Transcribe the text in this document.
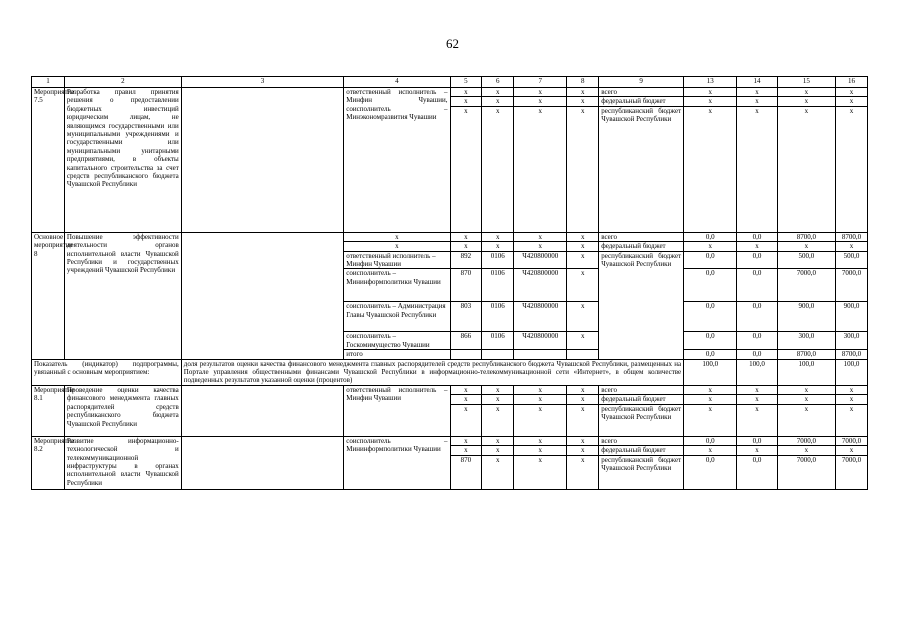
62
1	2	3	4	5	6	7	8	9	13	14	15	16
Мероприятие 7.5	Разработка правил принятия решения о предоставлении бюджетных инвестиций юридическим лицам, не являющимся государственными или муниципальными учреждениями и государственными или муниципальными унитарными предприятиями, в объекты капитального строительства за счет средств республиканского бюджета Чувашской Республики		ответственный исполнитель – Минфин Чувашии, соисполнитель – Минэкономразвития Чувашии	x	x	x	x	всего	x	x	x	x
				x	x	x	x	федеральный бюджет	x	x	x	x
				x	x	x	x	республиканский бюджет Чувашской Республики	x	x	x	x
Основное мероприятие 8	Повышение эффективности деятельности органов исполнительной власти Чувашской Республики и государственных учреждений Чувашской Республики		x	x	x	x	x	всего	0,0	0,0	8700,0	8700,0
			x	x	x	x	x	федеральный бюджет	x	x	x	x
			ответственный исполнитель – Минфин Чувашии	892	0106	Ч420800000	x	республиканский бюджет Чувашской Республики	0,0	0,0	500,0	500,0
			соисполнитель – Мининформполитики Чувашии	870	0106	Ч420800000	x		0,0	0,0	7000,0	7000,0
			соисполнитель – Администрация Главы Чувашской Республики	803	0106	Ч420800000	x		0,0	0,0	900,0	900,0
			соисполнитель – Госкомимущество Чувашии	866	0106	Ч420800000	x		0,0	0,0	300,0	300,0
			итого						0,0	0,0	8700,0	8700,0
Показатель (индикатор) подпрограммы, увязанный с основным мероприятием:		доля результатов оценки качества финансового менеджмента главных распорядителей средств республиканского бюджета Чувашской Республики, размещенных на Портале управления общественными финансами Чувашской Республики в информационно-телекоммуникационной сети «Интернет», в общем количестве подведенных результатов указанной оценки (процентов)							100,0	100,0	100,0	100,0
Мероприятие 8.1	Проведение оценки качества финансового менеджмента главных распорядителей средств республиканского бюджета Чувашской Республики		ответственный исполнитель – Минфин Чувашии	x	x	x	x	всего	x	x	x	x
				x	x	x	x	федеральный бюджет	x	x	x	x
				x	x	x	x	республиканский бюджет Чувашской Республики	x	x	x	x
Мероприятие 8.2	Развитие информационно-технологической и телекоммуникационной инфраструктуры в органах исполнительной власти Чувашской Республики		соисполнитель – Мининформполитики Чувашии	x	x	x	x	всего	0,0	0,0	7000,0	7000,0
				x	x	x	x	федеральный бюджет	x	x	x	x
				870	x	x	x	республиканский бюджет Чувашской Республики	0,0	0,0	7000,0	7000,0
